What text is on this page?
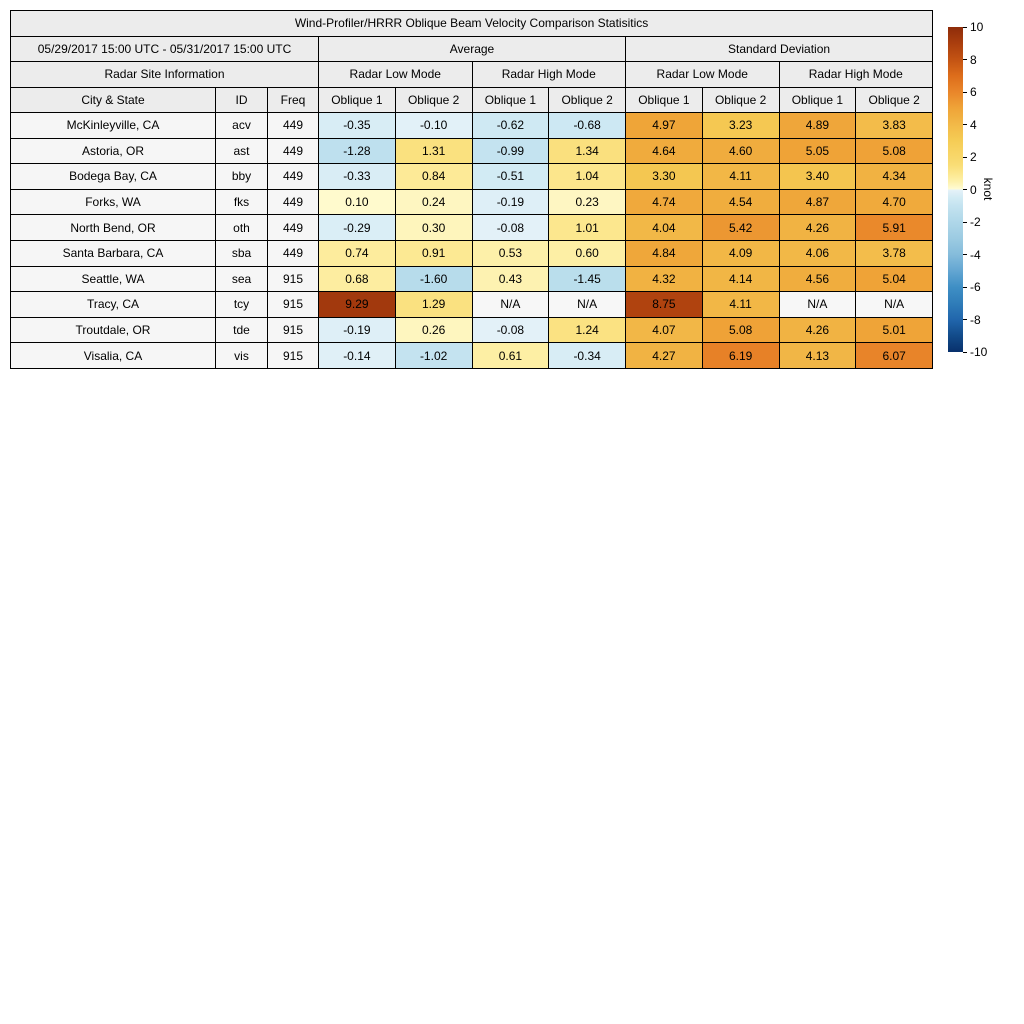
Wind-Profiler/HRRR Oblique Beam Velocity Comparison Statisitics										
05/29/2017 15:00 UTC - 05/31/2017 15:00 UTC			Average				Standard Deviation			
Radar Site Information			Radar Low Mode		Radar High Mode		Radar Low Mode		Radar High Mode	
City & State	ID	Freq	Oblique 1	Oblique 2	Oblique 1	Oblique 2	Oblique 1	Oblique 2	Oblique 1	Oblique 2
McKinleyville, CA	acv	449	-0.35	-0.10	-0.62	-0.68	4.97	3.23	4.89	3.83
Astoria, OR	ast	449	-1.28	1.31	-0.99	1.34	4.64	4.60	5.05	5.08
Bodega Bay, CA	bby	449	-0.33	0.84	-0.51	1.04	3.30	4.11	3.40	4.34
Forks, WA	fks	449	0.10	0.24	-0.19	0.23	4.74	4.54	4.87	4.70
North Bend, OR	oth	449	-0.29	0.30	-0.08	1.01	4.04	5.42	4.26	5.91
Santa Barbara, CA	sba	449	0.74	0.91	0.53	0.60	4.84	4.09	4.06	3.78
Seattle, WA	sea	915	0.68	-1.60	0.43	-1.45	4.32	4.14	4.56	5.04
Tracy, CA	tcy	915	9.29	1.29	N/A	N/A	8.75	4.11	N/A	N/A
Troutdale, OR	tde	915	-0.19	0.26	-0.08	1.24	4.07	5.08	4.26	5.01
Visalia, CA	vis	915	-0.14	-1.02	0.61	-0.34	4.27	6.19	4.13	6.07
10
8
6
4
2
0
-2
-4
-6
-8
-10
knot
